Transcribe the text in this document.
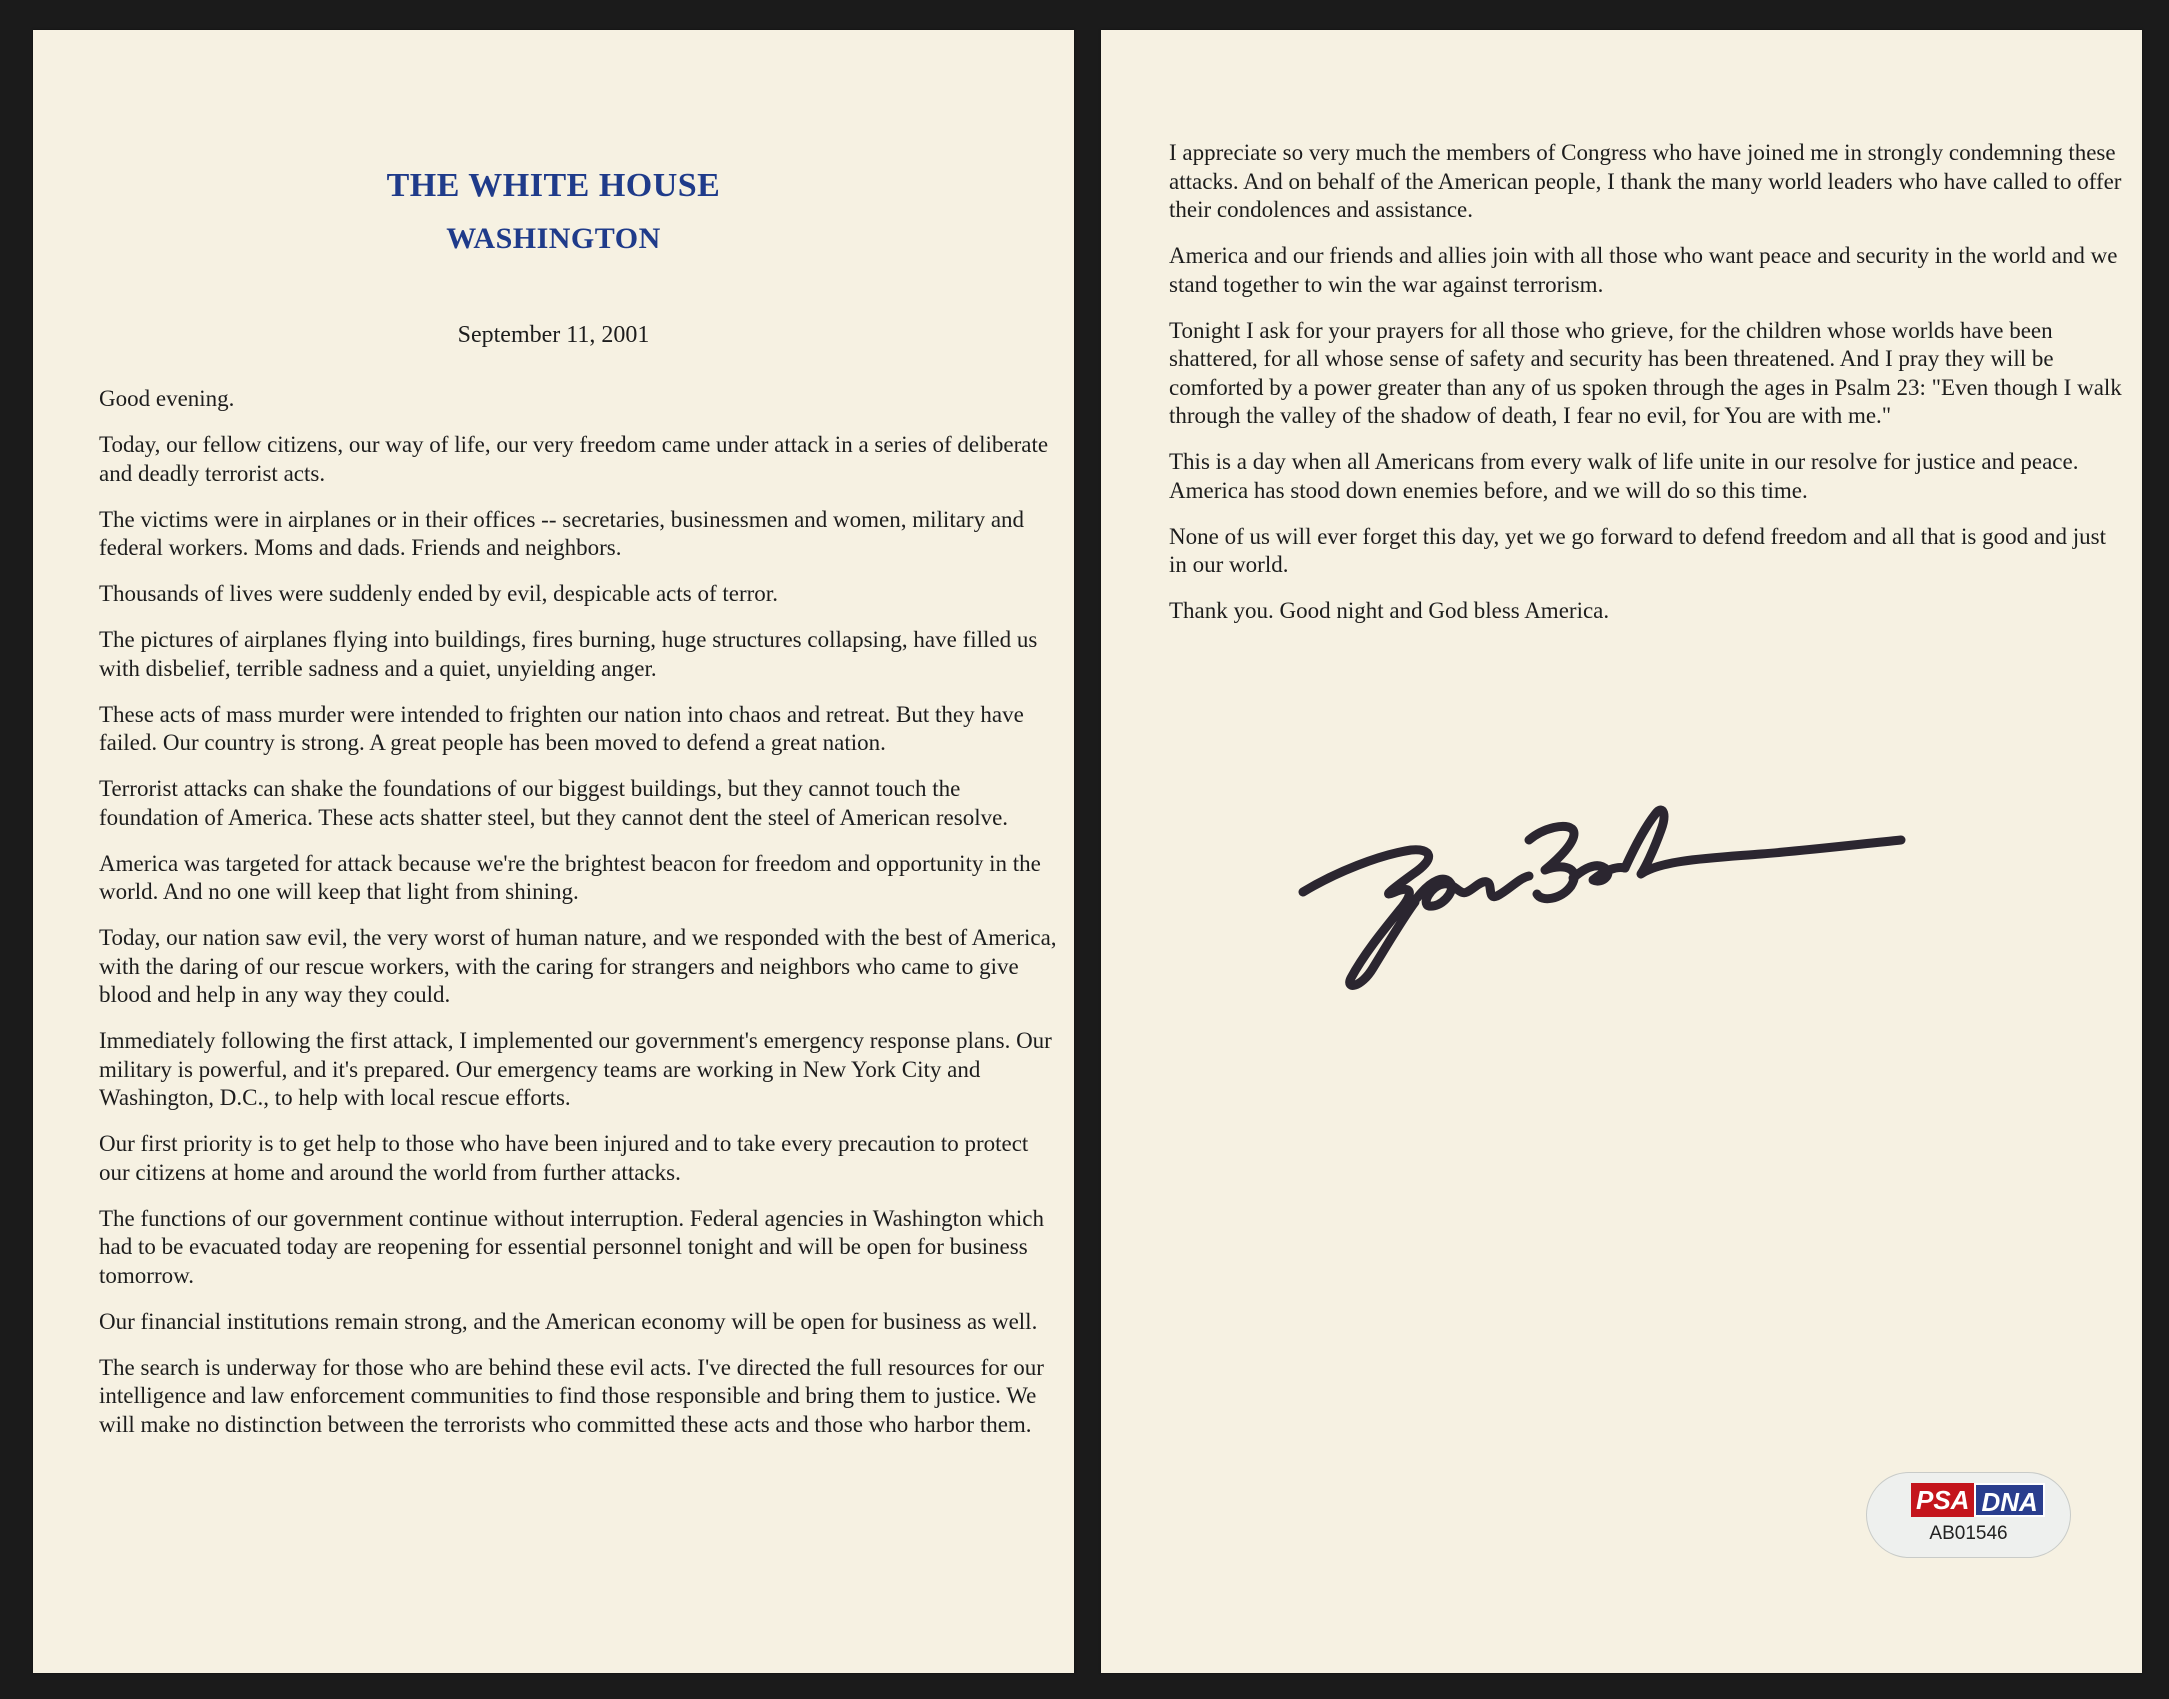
THE WHITE HOUSE
WASHINGTON
September 11, 2001

Good evening.

Today, our fellow citizens, our way of life, our very freedom came under attack in a series of deliberate and deadly terrorist acts.

The victims were in airplanes or in their offices -- secretaries, businessmen and women, military and federal workers. Moms and dads. Friends and neighbors.

Thousands of lives were suddenly ended by evil, despicable acts of terror.

The pictures of airplanes flying into buildings, fires burning, huge structures collapsing, have filled us with disbelief, terrible sadness and a quiet, unyielding anger.

These acts of mass murder were intended to frighten our nation into chaos and retreat. But they have failed. Our country is strong. A great people has been moved to defend a great nation.

Terrorist attacks can shake the foundations of our biggest buildings, but they cannot touch the foundation of America. These acts shatter steel, but they cannot dent the steel of American resolve.

America was targeted for attack because we're the brightest beacon for freedom and opportunity in the world. And no one will keep that light from shining.

Today, our nation saw evil, the very worst of human nature, and we responded with the best of America, with the daring of our rescue workers, with the caring for strangers and neighbors who came to give blood and help in any way they could.

Immediately following the first attack, I implemented our government's emergency response plans. Our military is powerful, and it's prepared. Our emergency teams are working in New York City and Washington, D.C., to help with local rescue efforts.

Our first priority is to get help to those who have been injured and to take every precaution to protect our citizens at home and around the world from further attacks.

The functions of our government continue without interruption. Federal agencies in Washington which had to be evacuated today are reopening for essential personnel tonight and will be open for business tomorrow.

Our financial institutions remain strong, and the American economy will be open for business as well.

The search is underway for those who are behind these evil acts. I've directed the full resources for our intelligence and law enforcement communities to find those responsible and bring them to justice. We will make no distinction between the terrorists who committed these acts and those who harbor them.

I appreciate so very much the members of Congress who have joined me in strongly condemning these attacks. And on behalf of the American people, I thank the many world leaders who have called to offer their condolences and assistance.

America and our friends and allies join with all those who want peace and security in the world and we stand together to win the war against terrorism.

Tonight I ask for your prayers for all those who grieve, for the children whose worlds have been shattered, for all whose sense of safety and security has been threatened. And I pray they will be comforted by a power greater than any of us spoken through the ages in Psalm 23: "Even though I walk through the valley of the shadow of death, I fear no evil, for You are with me."

This is a day when all Americans from every walk of life unite in our resolve for justice and peace. America has stood down enemies before, and we will do so this time.

None of us will ever forget this day, yet we go forward to defend freedom and all that is good and just in our world.

Thank you. Good night and God bless America.

PSA DNA
AB01546
